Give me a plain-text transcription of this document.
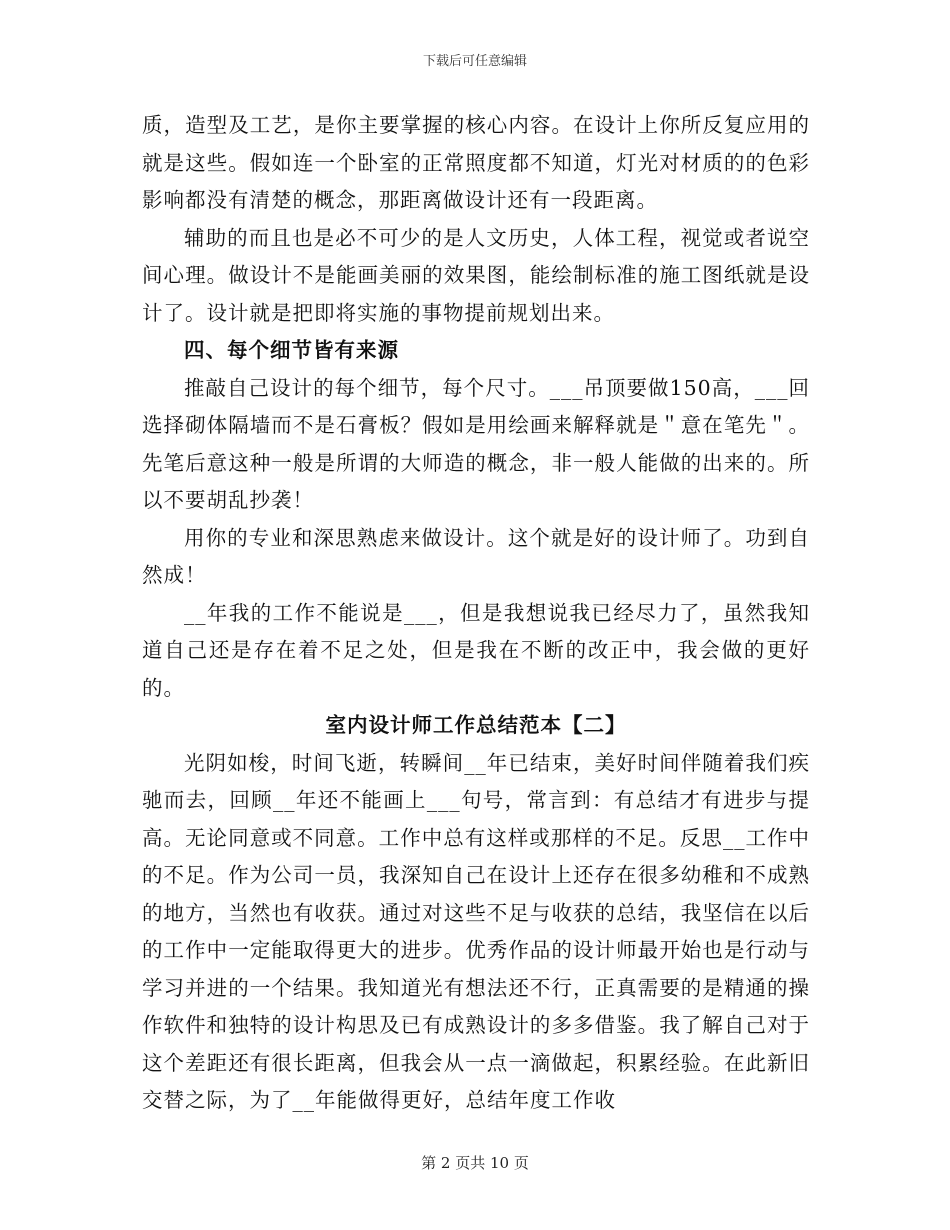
下载后可任意编辑

质，造型及工艺，是你主要掌握的核心内容。在设计上你所反复应用的就是这些。假如连一个卧室的正常照度都不知道，灯光对材质的的色彩影响都没有清楚的概念，那距离做设计还有一段距离。

辅助的而且也是必不可少的是人文历史，人体工程，视觉或者说空间心理。做设计不是能画美丽的效果图，能绘制标准的施工图纸就是设计了。设计就是把即将实施的事物提前规划出来。

四、每个细节皆有来源

推敲自己设计的每个细节，每个尺寸。___吊顶要做150高，___回选择砌体隔墙而不是石膏板？假如是用绘画来解释就是＂意在笔先＂。先笔后意这种一般是所谓的大师造的概念，非一般人能做的出来的。所以不要胡乱抄袭！

用你的专业和深思熟虑来做设计。这个就是好的设计师了。功到自然成！

__年我的工作不能说是___，但是我想说我已经尽力了，虽然我知道自己还是存在着不足之处，但是我在不断的改正中，我会做的更好的。

室内设计师工作总结范本【二】

光阴如梭，时间飞逝，转瞬间__年已结束，美好时间伴随着我们疾驰而去，回顾__年还不能画上___句号，常言到：有总结才有进步与提高。无论同意或不同意。工作中总有这样或那样的不足。反思__工作中的不足。作为公司一员，我深知自己在设计上还存在很多幼稚和不成熟的地方，当然也有收获。通过对这些不足与收获的总结，我坚信在以后的工作中一定能取得更大的进步。优秀作品的设计师最开始也是行动与学习并进的一个结果。我知道光有想法还不行，正真需要的是精通的操作软件和独特的设计构思及已有成熟设计的多多借鉴。我了解自己对于这个差距还有很长距离，但我会从一点一滴做起，积累经验。在此新旧交替之际，为了__年能做得更好，总结年度工作收

第 2 页共 10 页
